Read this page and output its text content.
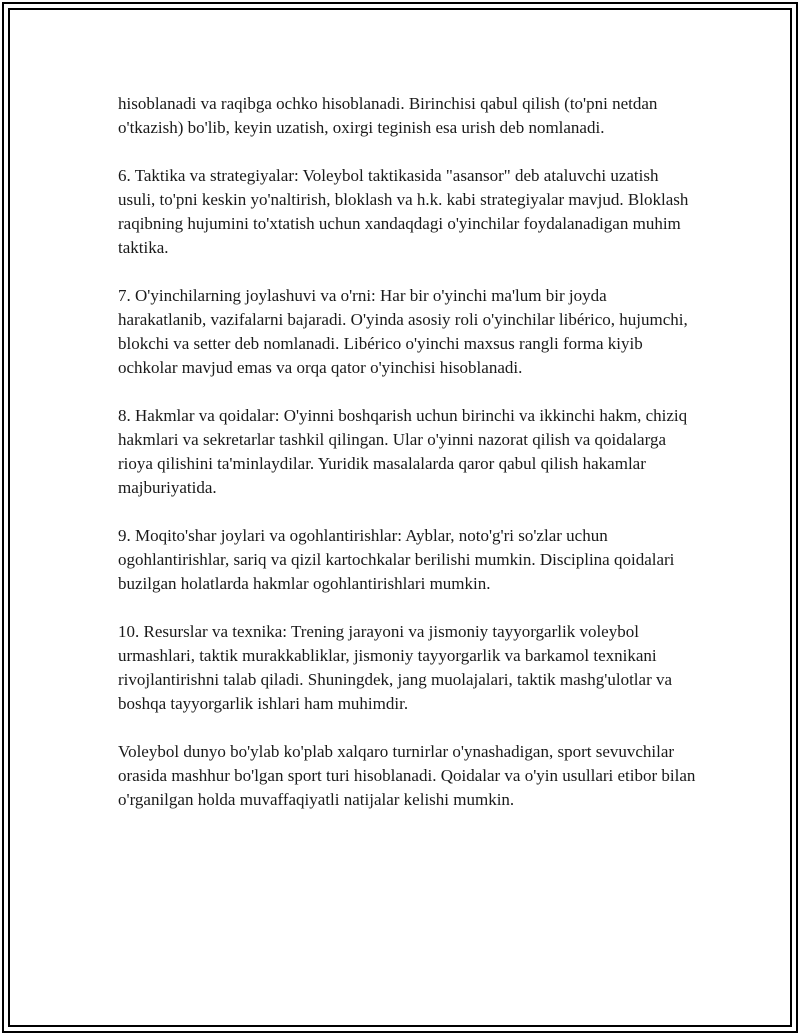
hisoblanadi va raqibga ochko hisoblanadi. Birinchisi qabul qilish (to'pni netdan o'tkazish) bo'lib, keyin uzatish, oxirgi teginish esa urish deb nomlanadi.

6. Taktika va strategiyalar: Voleybol taktikasida "asansor" deb ataluvchi uzatish usuli, to'pni keskin yo'naltirish, bloklash va h.k. kabi strategiyalar mavjud. Bloklash raqibning hujumini to'xtatish uchun xandaqdagi o'yinchilar foydalanadigan muhim taktika.

7. O'yinchilarning joylashuvi va o'rni: Har bir o'yinchi ma'lum bir joyda harakatlanib, vazifalarni bajaradi. O'yinda asosiy roli o'yinchilar libérico, hujumchi, blokchi va setter deb nomlanadi. Libérico o'yinchi maxsus rangli forma kiyib ochkolar mavjud emas va orqa qator o'yinchisi hisoblanadi.

8. Hakmlar va qoidalar: O'yinni boshqarish uchun birinchi va ikkinchi hakm, chiziq hakmlari va sekretarlar tashkil qilingan. Ular o'yinni nazorat qilish va qoidalarga rioya qilishini ta'minlaydilar. Yuridik masalalarda qaror qabul qilish hakamlar majburiyatida.

9. Moqito'shar joylari va ogohlantirishlar: Ayblar, noto'g'ri so'zlar uchun ogohlantirishlar, sariq va qizil kartochkalar berilishi mumkin. Disciplina qoidalari buzilgan holatlarda hakmlar ogohlantirishlari mumkin.

10. Resurslar va texnika: Trening jarayoni va jismoniy tayyorgarlik voleybol urmashlari, taktik murakkabliklar, jismoniy tayyorgarlik va barkamol texnikani rivojlantirishni talab qiladi. Shuningdek, jang muolajalari, taktik mashg'ulotlar va boshqa tayyorgarlik ishlari ham muhimdir.

Voleybol dunyo bo'ylab ko'plab xalqaro turnirlar o'ynashadigan, sport sevuvchilar orasida mashhur bo'lgan sport turi hisoblanadi. Qoidalar va o'yin usullari etibor bilan o'rganilgan holda muvaffaqiyatli natijalar kelishi mumkin.
